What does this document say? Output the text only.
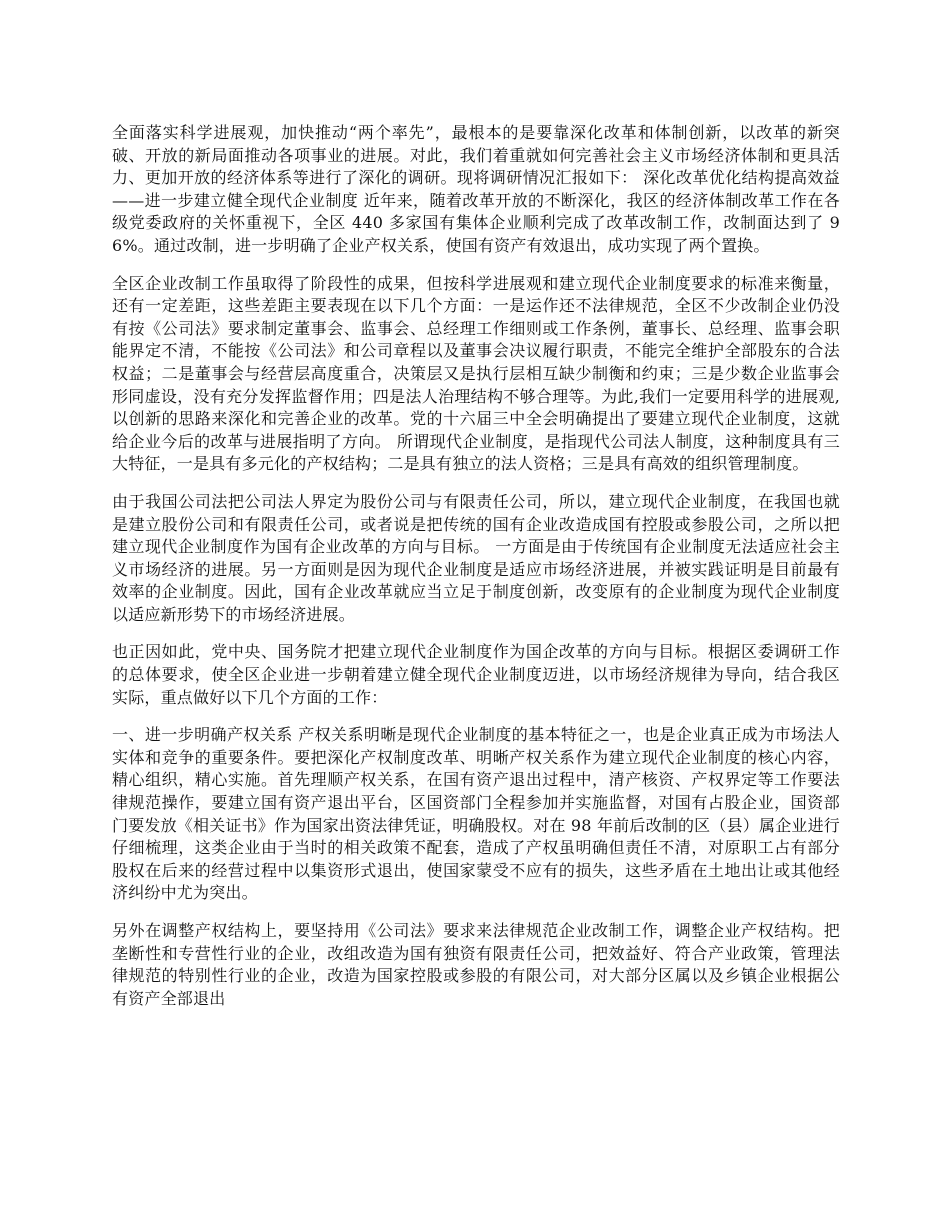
全面落实科学进展观，加快推动“两个率先”，最根本的是要靠深化改革和体制创新，以改革的新突破、开放的新局面推动各项事业的进展。对此，我们着重就如何完善社会主义市场经济体制和更具活力、更加开放的经济体系等进行了深化的调研。现将调研情况汇报如下： 深化改革优化结构提高效益 ——进一步建立健全现代企业制度 近年来，随着改革开放的不断深化，我区的经济体制改革工作在各级党委政府的关怀重视下，全区 440 多家国有集体企业顺利完成了改革改制工作，改制面达到了 96%。通过改制，进一步明确了企业产权关系，使国有资产有效退出，成功实现了两个置换。

全区企业改制工作虽取得了阶段性的成果，但按科学进展观和建立现代企业制度要求的标准来衡量，还有一定差距，这些差距主要表现在以下几个方面：一是运作还不法律规范，全区不少改制企业仍没有按《公司法》要求制定董事会、监事会、总经理工作细则或工作条例，董事长、总经理、监事会职能界定不清，不能按《公司法》和公司章程以及董事会决议履行职责，不能完全维护全部股东的合法权益；二是董事会与经营层高度重合，决策层又是执行层相互缺少制衡和约束；三是少数企业监事会形同虚设，没有充分发挥监督作用；四是法人治理结构不够合理等。为此,我们一定要用科学的进展观,以创新的思路来深化和完善企业的改革。党的十六届三中全会明确提出了要建立现代企业制度，这就给企业今后的改革与进展指明了方向。 所谓现代企业制度，是指现代公司法人制度，这种制度具有三大特征，一是具有多元化的产权结构；二是具有独立的法人资格；三是具有高效的组织管理制度。

由于我国公司法把公司法人界定为股份公司与有限责任公司，所以，建立现代企业制度，在我国也就是建立股份公司和有限责任公司，或者说是把传统的国有企业改造成国有控股或参股公司，之所以把建立现代企业制度作为国有企业改革的方向与目标。 一方面是由于传统国有企业制度无法适应社会主义市场经济的进展。另一方面则是因为现代企业制度是适应市场经济进展，并被实践证明是目前最有效率的企业制度。因此，国有企业改革就应当立足于制度创新，改变原有的企业制度为现代企业制度以适应新形势下的市场经济进展。

也正因如此，党中央、国务院才把建立现代企业制度作为国企改革的方向与目标。根据区委调研工作的总体要求，使全区企业进一步朝着建立健全现代企业制度迈进，以市场经济规律为导向，结合我区实际，重点做好以下几个方面的工作：

一、进一步明确产权关系 产权关系明晰是现代企业制度的基本特征之一，也是企业真正成为市场法人实体和竞争的重要条件。要把深化产权制度改革、明晰产权关系作为建立现代企业制度的核心内容，精心组织，精心实施。首先理顺产权关系，在国有资产退出过程中，清产核资、产权界定等工作要法律规范操作，要建立国有资产退出平台，区国资部门全程参加并实施监督，对国有占股企业，国资部门要发放《相关证书》作为国家出资法律凭证，明确股权。对在 98 年前后改制的区（县）属企业进行仔细梳理，这类企业由于当时的相关政策不配套，造成了产权虽明确但责任不清，对原职工占有部分股权在后来的经营过程中以集资形式退出，使国家蒙受不应有的损失，这些矛盾在土地出让或其他经济纠纷中尤为突出。

另外在调整产权结构上，要坚持用《公司法》要求来法律规范企业改制工作，调整企业产权结构。把垄断性和专营性行业的企业，改组改造为国有独资有限责任公司，把效益好、符合产业政策，管理法律规范的特别性行业的企业，改造为国家控股或参股的有限公司，对大部分区属以及乡镇企业根据公有资产全部退出
